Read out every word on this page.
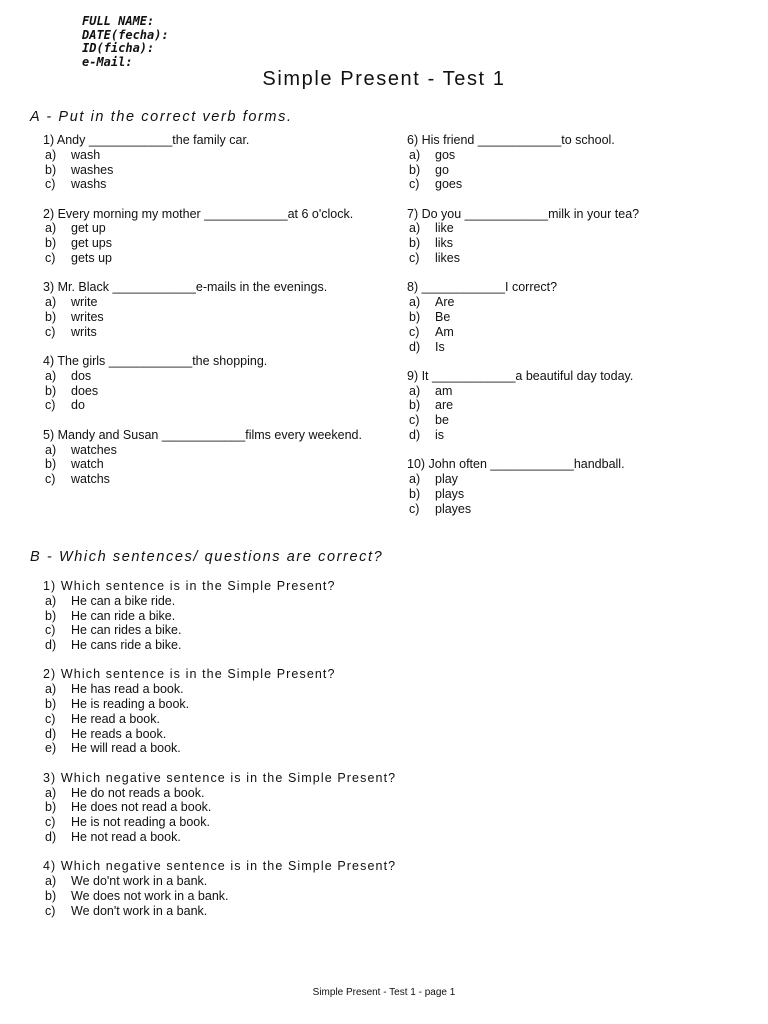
FULL NAME:
DATE(fecha):
ID(ficha):
e-Mail:
Simple Present - Test 1
A - Put in the correct verb forms.
1) Andy ____________the family car.
a)	wash
b)	washes
c)	washs
2) Every morning my mother ____________at 6 o'clock.
a)	get up
b)	get ups
c)	gets up
3) Mr. Black ____________e-mails in the evenings.
a)	write
b)	writes
c)	writs
4) The girls ____________the shopping.
a)	dos
b)	does
c)	do
5) Mandy and Susan ____________films every weekend.
a)	watches
b)	watch
c)	watchs
6) His friend ____________to school.
a)	gos
b)	go
c)	goes
7) Do you ____________milk in your tea?
a)	like
b)	liks
c)	likes
8) ____________I correct?
a)	Are
b)	Be
c)	Am
d)	Is
9) It ____________a beautiful day today.
a)	am
b)	are
c)	be
d)	is
10) John often ____________handball.
a)	play
b)	plays
c)	playes
B - Which sentences/ questions are correct?
1) Which sentence is in the Simple Present?
a)	He can a bike ride.
b)	He can ride a bike.
c)	He can rides a bike.
d)	He cans ride a bike.
2) Which sentence is in the Simple Present?
a)	He has read a book.
b)	He is reading a book.
c)	He read a book.
d)	He reads a book.
e)	He will read a book.
3) Which negative sentence is in the Simple Present?
a)	He do not reads a book.
b)	He does not read a book.
c)	He is not reading a book.
d)	He not read a book.
4) Which negative sentence is in the Simple Present?
a)	We do'nt work in a bank.
b)	We does not work in a bank.
c)	We don't work in a bank.
Simple Present - Test 1 - page 1
